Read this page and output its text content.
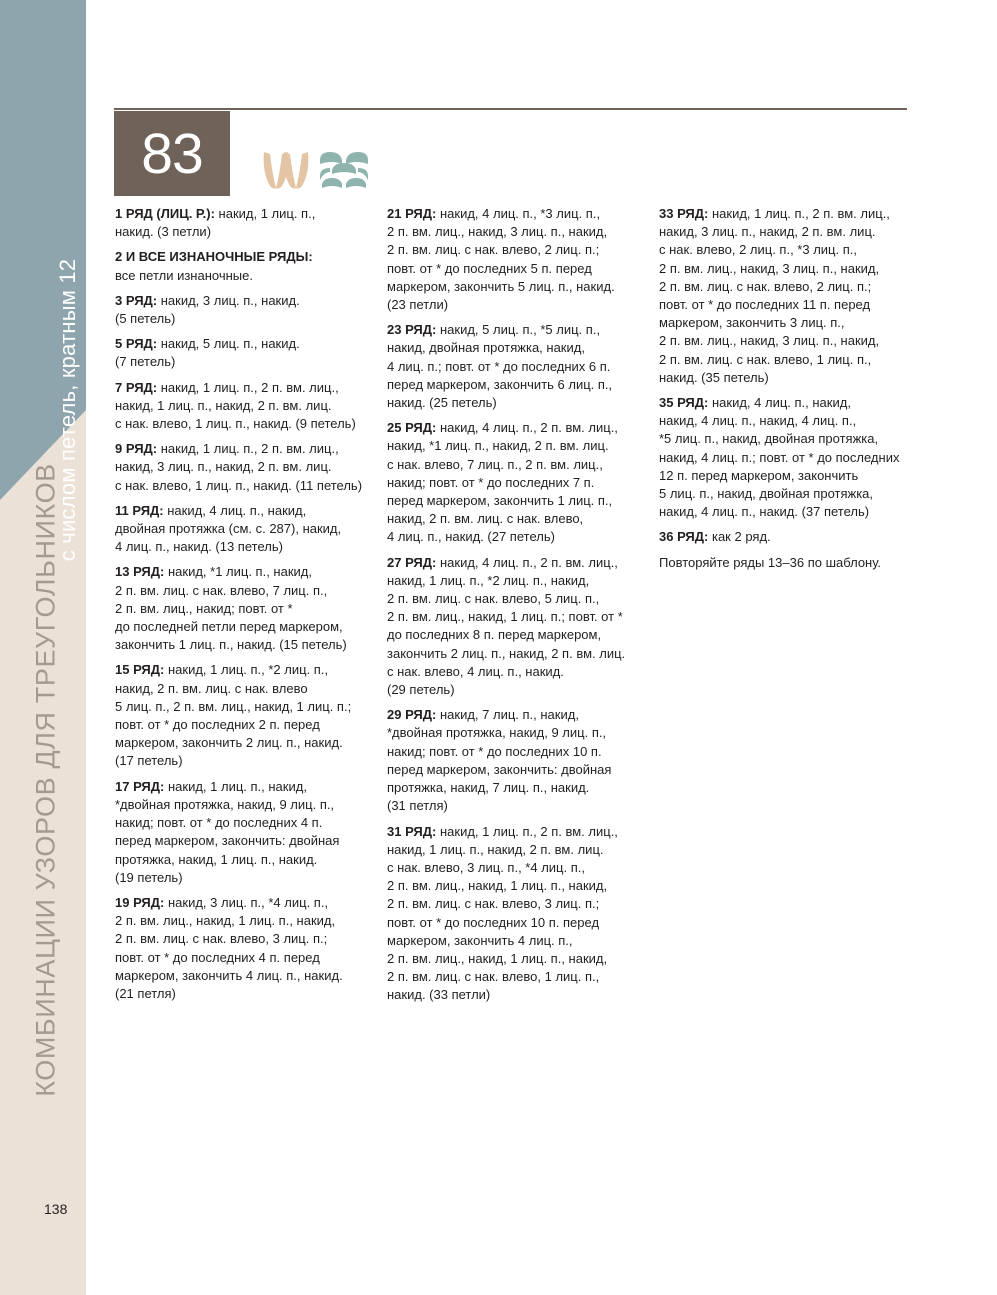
с числом петель, кратным 12
КОМБИНАЦИИ УЗОРОВ ДЛЯ ТРЕУГОЛЬНИКОВ
138
83
1 РЯД (ЛИЦ. Р.): накид, 1 лиц. п.,
накид. (3 петли)
2 И ВСЕ ИЗНАНОЧНЫЕ РЯДЫ:
все петли изнаночные.
3 РЯД: накид, 3 лиц. п., накид.
(5 петель)
5 РЯД: накид, 5 лиц. п., накид.
(7 петель)
7 РЯД: накид, 1 лиц. п., 2 п. вм. лиц.,
накид, 1 лиц. п., накид, 2 п. вм. лиц.
с нак. влево, 1 лиц. п., накид. (9 петель)
9 РЯД: накид, 1 лиц. п., 2 п. вм. лиц.,
накид, 3 лиц. п., накид, 2 п. вм. лиц.
с нак. влево, 1 лиц. п., накид. (11 петель)
11 РЯД: накид, 4 лиц. п., накид,
двойная протяжка (см. с. 287), накид,
4 лиц. п., накид. (13 петель)
13 РЯД: накид, *1 лиц. п., накид,
2 п. вм. лиц. с нак. влево, 7 лиц. п.,
2 п. вм. лиц., накид; повт. от *
до последней петли перед маркером,
закончить 1 лиц. п., накид. (15 петель)
15 РЯД: накид, 1 лиц. п., *2 лиц. п.,
накид, 2 п. вм. лиц. с нак. влево
5 лиц. п., 2 п. вм. лиц., накид, 1 лиц. п.;
повт. от * до последних 2 п. перед
маркером, закончить 2 лиц. п., накид.
(17 петель)
17 РЯД: накид, 1 лиц. п., накид,
*двойная протяжка, накид, 9 лиц. п.,
накид; повт. от * до последних 4 п.
перед маркером, закончить: двойная
протяжка, накид, 1 лиц. п., накид.
(19 петель)
19 РЯД: накид, 3 лиц. п., *4 лиц. п.,
2 п. вм. лиц., накид, 1 лиц. п., накид,
2 п. вм. лиц. с нак. влево, 3 лиц. п.;
повт. от * до последних 4 п. перед
маркером, закончить 4 лиц. п., накид.
(21 петля)
21 РЯД: накид, 4 лиц. п., *3 лиц. п.,
2 п. вм. лиц., накид, 3 лиц. п., накид,
2 п. вм. лиц. с нак. влево, 2 лиц. п.;
повт. от * до последних 5 п. перед
маркером, закончить 5 лиц. п., накид.
(23 петли)
23 РЯД: накид, 5 лиц. п., *5 лиц. п.,
накид, двойная протяжка, накид,
4 лиц. п.; повт. от * до последних 6 п.
перед маркером, закончить 6 лиц. п.,
накид. (25 петель)
25 РЯД: накид, 4 лиц. п., 2 п. вм. лиц.,
накид, *1 лиц. п., накид, 2 п. вм. лиц.
с нак. влево, 7 лиц. п., 2 п. вм. лиц.,
накид; повт. от * до последних 7 п.
перед маркером, закончить 1 лиц. п.,
накид, 2 п. вм. лиц. с нак. влево,
4 лиц. п., накид. (27 петель)
27 РЯД: накид, 4 лиц. п., 2 п. вм. лиц.,
накид, 1 лиц. п., *2 лиц. п., накид,
2 п. вм. лиц. с нак. влево, 5 лиц. п.,
2 п. вм. лиц., накид, 1 лиц. п.; повт. от *
до последних 8 п. перед маркером,
закончить 2 лиц. п., накид, 2 п. вм. лиц.
с нак. влево, 4 лиц. п., накид.
(29 петель)
29 РЯД: накид, 7 лиц. п., накид,
*двойная протяжка, накид, 9 лиц. п.,
накид; повт. от * до последних 10 п.
перед маркером, закончить: двойная
протяжка, накид, 7 лиц. п., накид.
(31 петля)
31 РЯД: накид, 1 лиц. п., 2 п. вм. лиц.,
накид, 1 лиц. п., накид, 2 п. вм. лиц.
с нак. влево, 3 лиц. п., *4 лиц. п.,
2 п. вм. лиц., накид, 1 лиц. п., накид,
2 п. вм. лиц. с нак. влево, 3 лиц. п.;
повт. от * до последних 10 п. перед
маркером, закончить 4 лиц. п.,
2 п. вм. лиц., накид, 1 лиц. п., накид,
2 п. вм. лиц. с нак. влево, 1 лиц. п.,
накид. (33 петли)
33 РЯД: накид, 1 лиц. п., 2 п. вм. лиц.,
накид, 3 лиц. п., накид, 2 п. вм. лиц.
с нак. влево, 2 лиц. п., *3 лиц. п.,
2 п. вм. лиц., накид, 3 лиц. п., накид,
2 п. вм. лиц. с нак. влево, 2 лиц. п.;
повт. от * до последних 11 п. перед
маркером, закончить 3 лиц. п.,
2 п. вм. лиц., накид, 3 лиц. п., накид,
2 п. вм. лиц. с нак. влево, 1 лиц. п.,
накид. (35 петель)
35 РЯД: накид, 4 лиц. п., накид,
накид, 4 лиц. п., накид, 4 лиц. п.,
*5 лиц. п., накид, двойная протяжка,
накид, 4 лиц. п.; повт. от * до последних
12 п. перед маркером, закончить
5 лиц. п., накид, двойная протяжка,
накид, 4 лиц. п., накид. (37 петель)
36 РЯД: как 2 ряд.
Повторяйте ряды 13–36 по шаблону.
